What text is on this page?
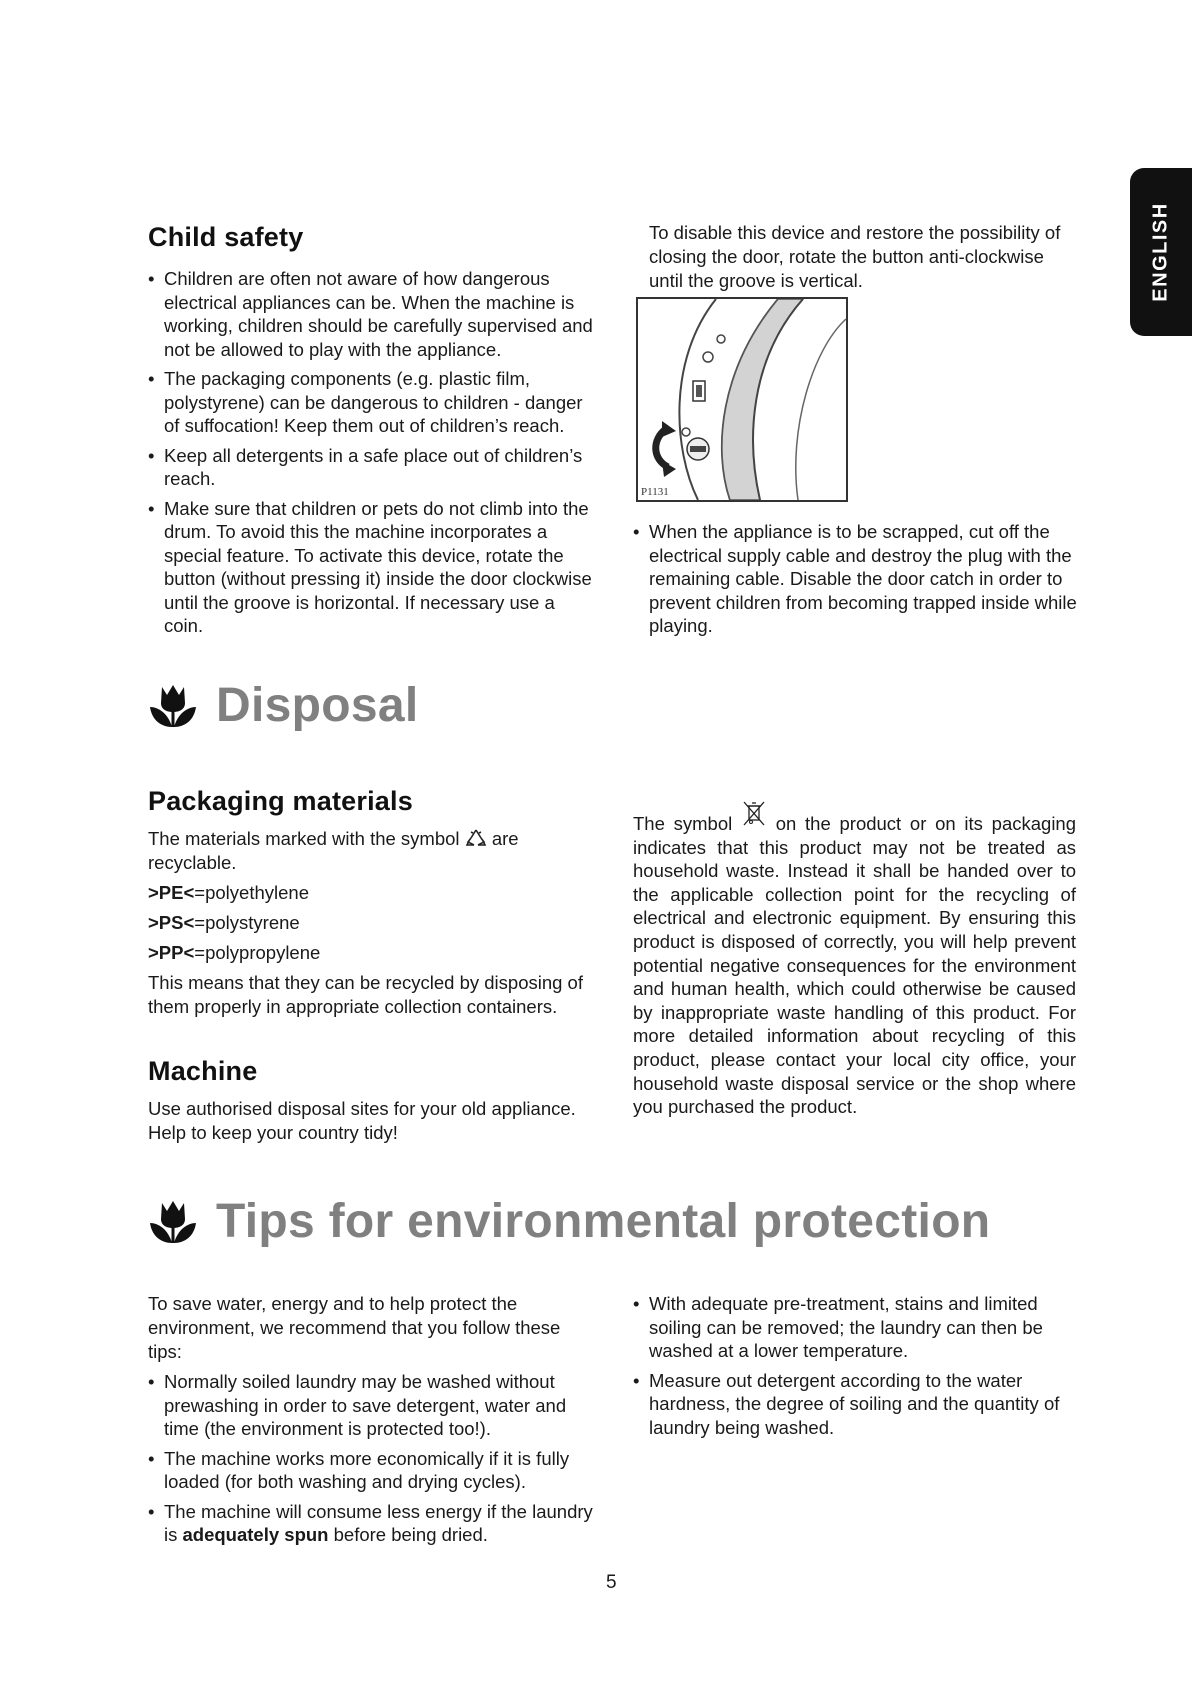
ENGLISH
Child safety
• Children are often not aware of how dangerous electrical appliances can be. When the machine is working, children should be carefully supervised and not be allowed to play with the appliance.
• The packaging components (e.g. plastic film, polystyrene) can be dangerous to children - danger of suffocation! Keep them out of children’s reach.
• Keep all detergents in a safe place out of children’s reach.
• Make sure that children or pets do not climb into the drum. To avoid this the machine incorporates a special feature. To activate this device, rotate the button (without pressing it) inside the door clockwise until the groove is horizontal. If necessary use a coin.

To disable this device and restore the possibility of closing the door, rotate the button anti-clockwise until the groove is vertical.

P1131
• When the appliance is to be scrapped, cut off the electrical supply cable and destroy the plug with the remaining cable. Disable the door catch in order to prevent children from becoming trapped inside while playing.
Disposal
Packaging materials

The materials marked with the symbol are recyclable.

>PE<=polyethylene

>PS<=polystyrene

>PP<=polypropylene

This means that they can be recycled by disposing of them properly in appropriate collection containers.

Machine

Use authorised disposal sites for your old appliance. Help to keep your country tidy!

The symbol on the product or on its packaging indicates that this product may not be treated as household waste. Instead it shall be handed over to the applicable collection point for the recycling of electrical and electronic equipment. By ensuring this product is disposed of correctly, you will help prevent potential negative consequences for the environment and human health, which could otherwise be caused by inappropriate waste handling of this product. For more detailed information about recycling of this product, please contact your local city office, your household waste disposal service or the shop where you purchased the product.

Tips for environmental protection

To save water, energy and to help protect the environment, we recommend that you follow these tips:

• Normally soiled laundry may be washed without prewashing in order to save detergent, water and time (the environment is protected too!).
• The machine works more economically if it is fully loaded (for both washing and drying cycles).
• The machine will consume less energy if the laundry is adequately spun before being dried.
• With adequate pre-treatment, stains and limited soiling can be removed; the laundry can then be washed at a lower temperature.
• Measure out detergent according to the water hardness, the degree of soiling and the quantity of laundry being washed.
5
